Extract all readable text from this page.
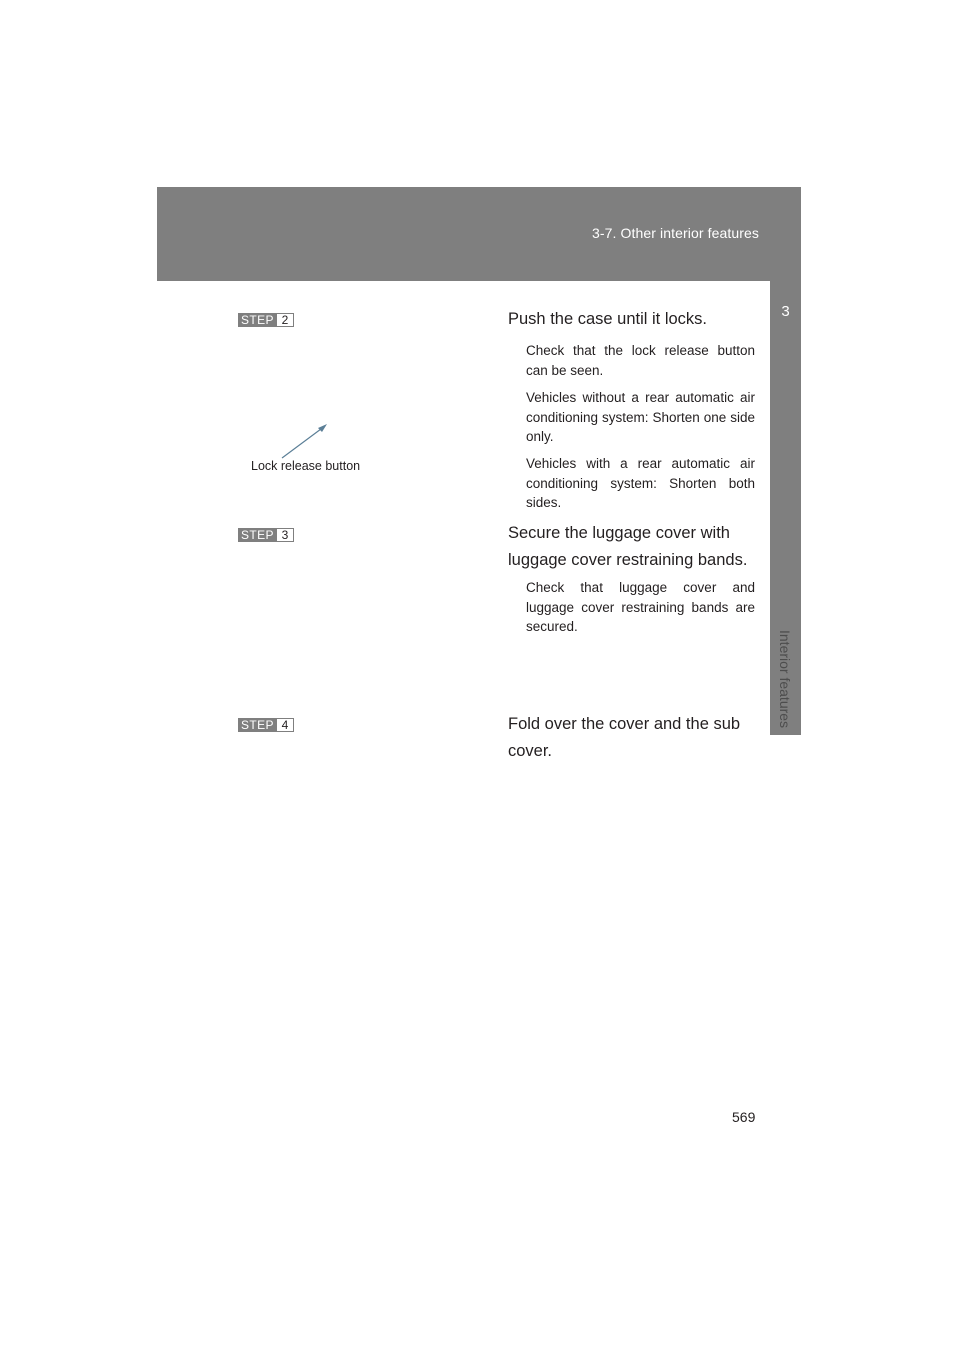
3-7. Other interior features
3
Interior features
STEP 2	Push the case until it locks.
Check that the lock release button can be seen.
Vehicles without a rear automatic air conditioning system: Shorten one side only.
Vehicles with a rear automatic air conditioning system: Shorten both sides.
Lock release button
STEP 3	Secure the luggage cover with luggage cover restraining bands.
Check that luggage cover and luggage cover restraining bands are secured.
STEP 4	Fold over the cover and the sub cover.
569
